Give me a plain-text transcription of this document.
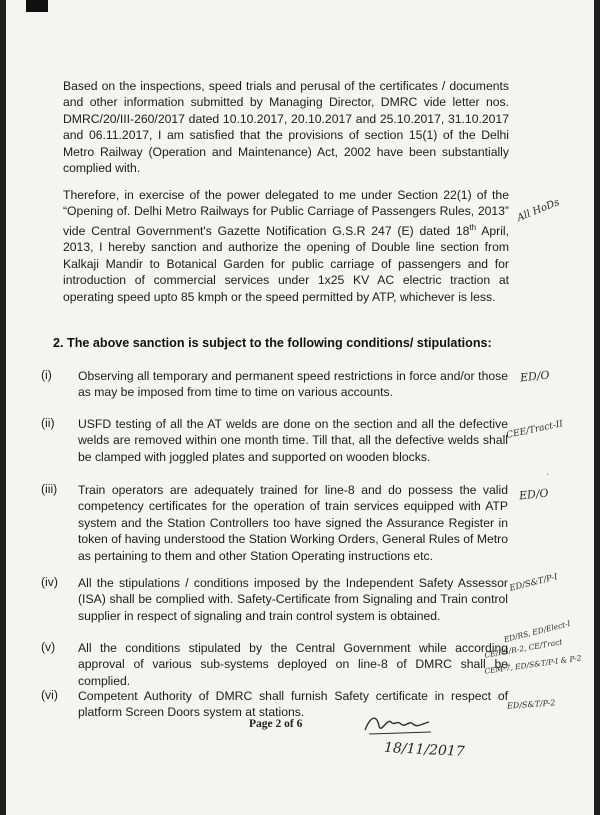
Based on the inspections, speed trials and perusal of the certificates / documents and other information submitted by Managing Director, DMRC vide letter nos. DMRC/20/III-260/2017 dated 10.10.2017, 20.10.2017 and 25.10.2017, 31.10.2017 and 06.11.2017, I am satisfied that the provisions of section 15(1) of the Delhi Metro Railway (Operation and Maintenance) Act, 2002 have been substantially complied with.
Therefore, in exercise of the power delegated to me under Section 22(1) of the “Opening of. Delhi Metro Railways for Public Carriage of Passengers Rules, 2013” vide Central Government's Gazette Notification G.S.R 247 (E) dated 18th April, 2013, I hereby sanction and authorize the opening of Double line section from Kalkaji Mandir to Botanical Garden for public carriage of passengers and for introduction of commercial services under 1x25 KV AC electric traction at operating speed upto 85 kmph or the speed permitted by ATP, whichever is less.
2. The above sanction is subject to the following conditions/ stipulations:
(i) Observing all temporary and permanent speed restrictions in force and/or those as may be imposed from time to time on various accounts.
(ii) USFD testing of all the AT welds are done on the section and all the defective welds are removed within one month time. Till that, all the defective welds shall be clamped with joggled plates and supported on wooden blocks.
(iii) Train operators are adequately trained for line-8 and do possess the valid competency certificates for the operation of train services equipped with ATP system and the Station Controllers too have signed the Assurance Register in token of having understood the Station Working Orders, General Rules of Metro as pertaining to them and other Station Operating instructions etc.
(iv) All the stipulations / conditions imposed by the Independent Safety Assessor (ISA) shall be complied with. Safety-Certificate from Signaling and Train control supplier in respect of signaling and train control system is obtained.
(v) All the conditions stipulated by the Central Government while according approval of various sub-systems deployed on line-8 of DMRC shall be complied.
(vi) Competent Authority of DMRC shall furnish Safety certificate in respect of platform Screen Doors system at stations.
Page 2 of 6
All HoDs
ED/O
CEE/Tract-II
ED/O
ED/S&T/P-I
ED/RS, ED/Elect-I
CE/RS/R-2, CE/Tract
CEM-7, ED/S&T/P-I & P-2
ED/S&T/P-2
18/11/2017
·
